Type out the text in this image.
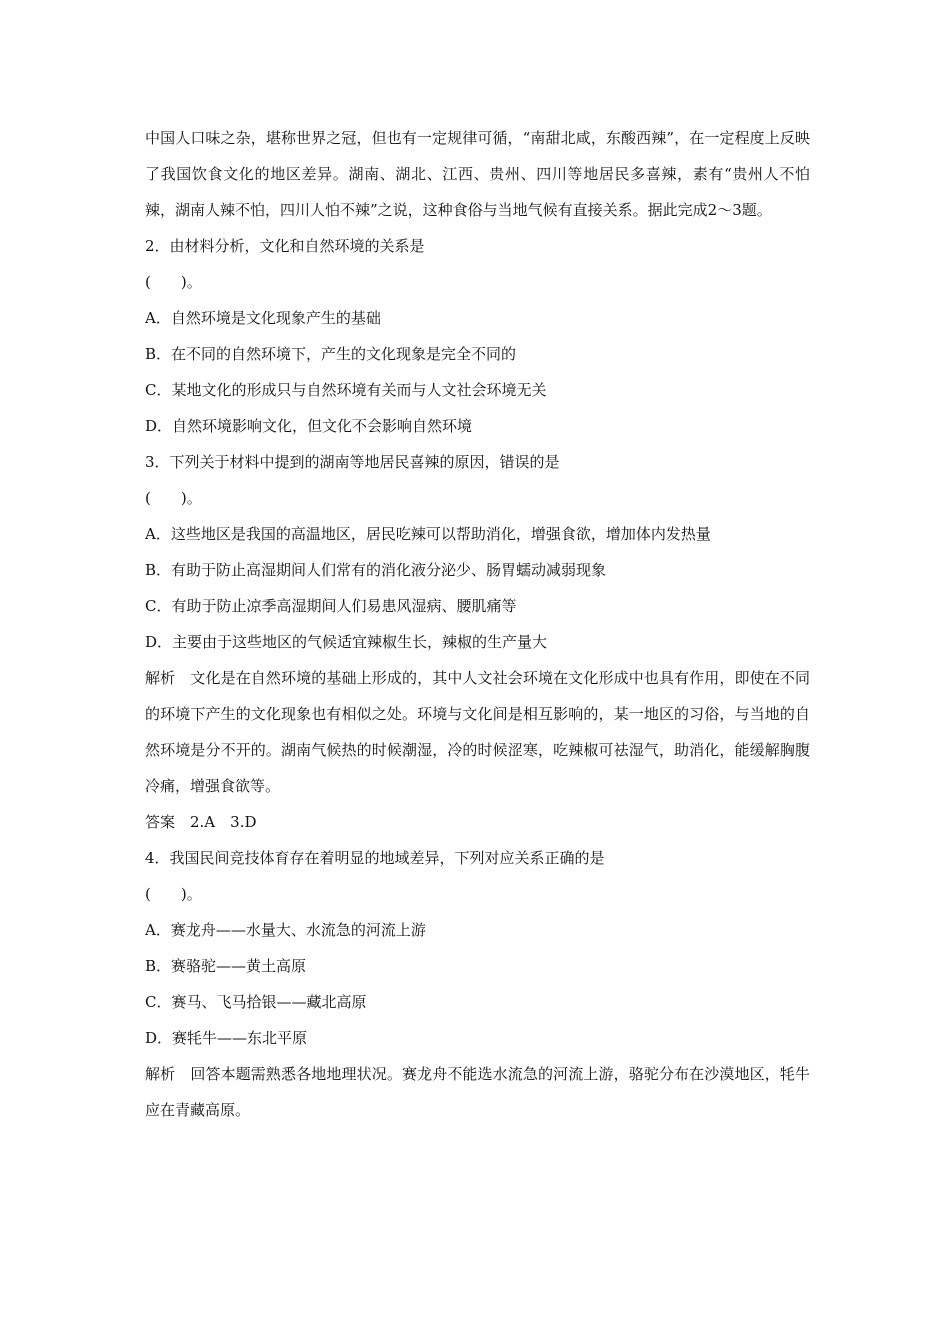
中国人口味之杂，堪称世界之冠，但也有一定规律可循，“南甜北咸，东酸西辣”，在一定程度上反映了我国饮食文化的地区差异。湖南、湖北、江西、贵州、四川等地居民多喜辣，素有“贵州人不怕辣，湖南人辣不怕，四川人怕不辣”之说，这种食俗与当地气候有直接关系。据此完成2～3题。

2．由材料分析，文化和自然环境的关系是

(　　)。

A．自然环境是文化现象产生的基础

B．在不同的自然环境下，产生的文化现象是完全不同的

C．某地文化的形成只与自然环境有关而与人文社会环境无关

D．自然环境影响文化，但文化不会影响自然环境

3．下列关于材料中提到的湖南等地居民喜辣的原因，错误的是

(　　)。

A．这些地区是我国的高温地区，居民吃辣可以帮助消化，增强食欲，增加体内发热量

B．有助于防止高湿期间人们常有的消化液分泌少、肠胃蠕动减弱现象

C．有助于防止凉季高湿期间人们易患风湿病、腰肌痛等

D．主要由于这些地区的气候适宜辣椒生长，辣椒的生产量大

解析　文化是在自然环境的基础上形成的，其中人文社会环境在文化形成中也具有作用，即使在不同的环境下产生的文化现象也有相似之处。环境与文化间是相互影响的，某一地区的习俗，与当地的自然环境是分不开的。湖南气候热的时候潮湿，冷的时候涩寒，吃辣椒可祛湿气，助消化，能缓解胸腹冷痛，增强食欲等。

答案　2.A　3.D

4．我国民间竞技体育存在着明显的地域差异，下列对应关系正确的是

(　　)。

A．赛龙舟——水量大、水流急的河流上游

B．赛骆驼——黄土高原

C．赛马、飞马拾银——藏北高原

D．赛牦牛——东北平原

解析　回答本题需熟悉各地地理状况。赛龙舟不能选水流急的河流上游，骆驼分布在沙漠地区，牦牛应在青藏高原。
